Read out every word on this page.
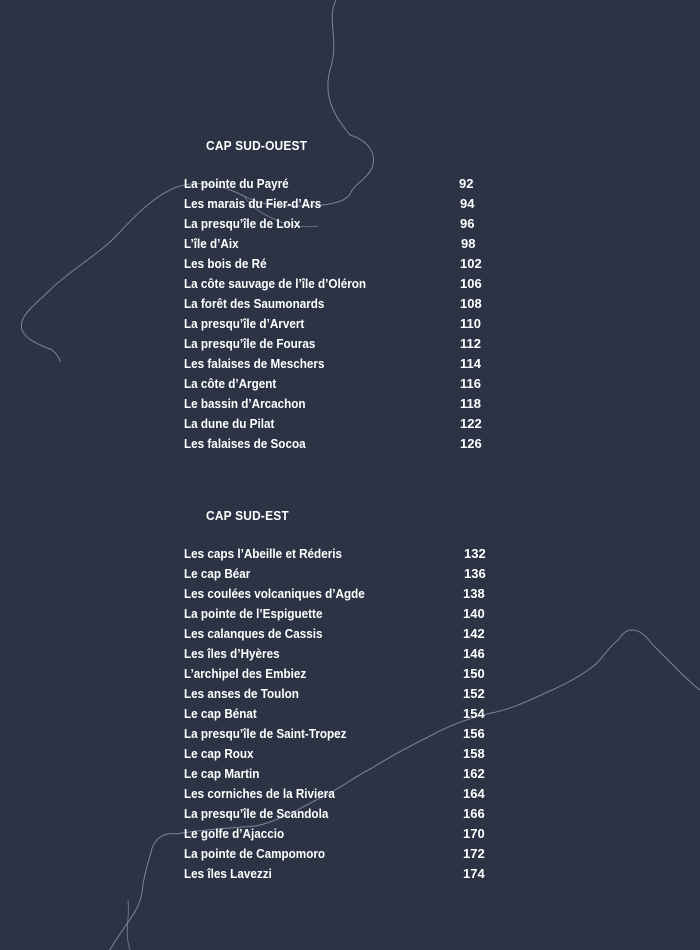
CAP SUD-OUEST
La pointe du Payré	92
Les marais du Fier-d’Ars	94
La presqu’île de Loix	96
L’île d’Aix	98
Les bois de Ré	102
La côte sauvage de l’île d’Oléron	106
La forêt des Saumonards	108
La presqu’île d’Arvert	110
La presqu’île de Fouras	112
Les falaises de Meschers	114
La côte d’Argent	116
Le bassin d’Arcachon	118
La dune du Pilat	122
Les falaises de Socoa	126
CAP SUD-EST
Les caps l’Abeille et Réderis	132
Le cap Béar	136
Les coulées volcaniques d’Agde	138
La pointe de l’Espiguette	140
Les calanques de Cassis	142
Les îles d’Hyères	146
L’archipel des Embiez	150
Les anses de Toulon	152
Le cap Bénat	154
La presqu’île de Saint-Tropez	156
Le cap Roux	158
Le cap Martin	162
Les corniches de la Riviera	164
La presqu’île de Scandola	166
Le golfe d’Ajaccio	170
La pointe de Campomoro	172
Les îles Lavezzi	174
